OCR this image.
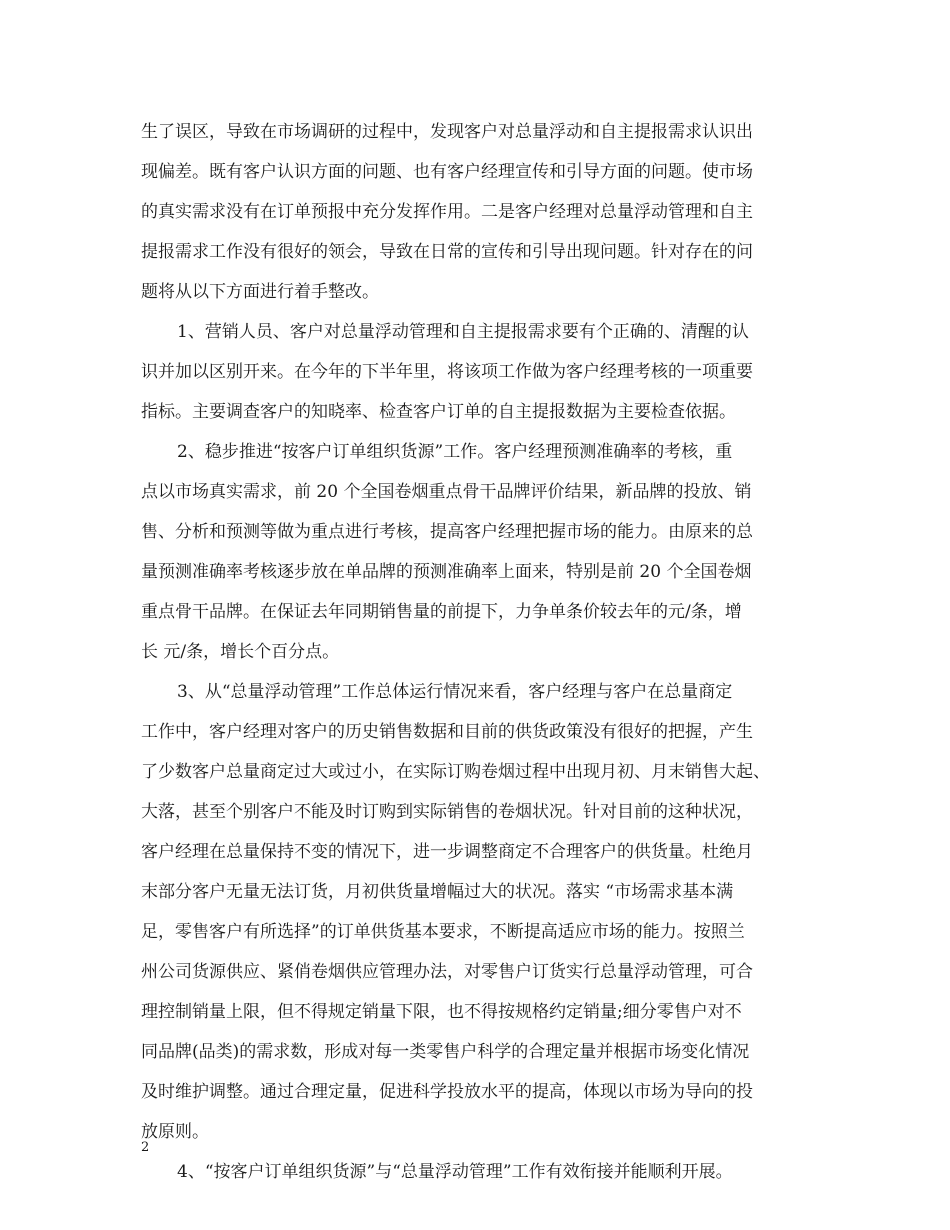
生了误区，导致在市场调研的过程中，发现客户对总量浮动和自主提报需求认识出
现偏差。既有客户认识方面的问题、也有客户经理宣传和引导方面的问题。使市场
的真实需求没有在订单预报中充分发挥作用。二是客户经理对总量浮动管理和自主
提报需求工作没有很好的领会，导致在日常的宣传和引导出现问题。针对存在的问
题将从以下方面进行着手整改。
1、营销人员、客户对总量浮动管理和自主提报需求要有个正确的、清醒的认
识并加以区别开来。在今年的下半年里，将该项工作做为客户经理考核的一项重要
指标。主要调查客户的知晓率、检查客户订单的自主提报数据为主要检查依据。
2、稳步推进“按客户订单组织货源”工作。客户经理预测准确率的考核，重
点以市场真实需求，前 20 个全国卷烟重点骨干品牌评价结果，新品牌的投放、销
售、分析和预测等做为重点进行考核，提高客户经理把握市场的能力。由原来的总
量预测准确率考核逐步放在单品牌的预测准确率上面来，特别是前 20 个全国卷烟
重点骨干品牌。在保证去年同期销售量的前提下，力争单条价较去年的元/条，增
长 元/条，增长个百分点。
3、从“总量浮动管理”工作总体运行情况来看，客户经理与客户在总量商定
工作中，客户经理对客户的历史销售数据和目前的供货政策没有很好的把握，产生
了少数客户总量商定过大或过小，在实际订购卷烟过程中出现月初、月末销售大起、
大落，甚至个别客户不能及时订购到实际销售的卷烟状况。针对目前的这种状况，
客户经理在总量保持不变的情况下，进一步调整商定不合理客户的供货量。杜绝月
末部分客户无量无法订货，月初供货量增幅过大的状况。落实 “市场需求基本满
足，零售客户有所选择”的订单供货基本要求，不断提高适应市场的能力。按照兰
州公司货源供应、紧俏卷烟供应管理办法，对零售户订货实行总量浮动管理，可合
理控制销量上限，但不得规定销量下限，也不得按规格约定销量;细分零售户对不
同品牌(品类)的需求数，形成对每一类零售户科学的合理定量并根据市场变化情况
及时维护调整。通过合理定量，促进科学投放水平的提高，体现以市场为导向的投
放原则。
4、“按客户订单组织货源”与“总量浮动管理”工作有效衔接并能顺利开展。
2
